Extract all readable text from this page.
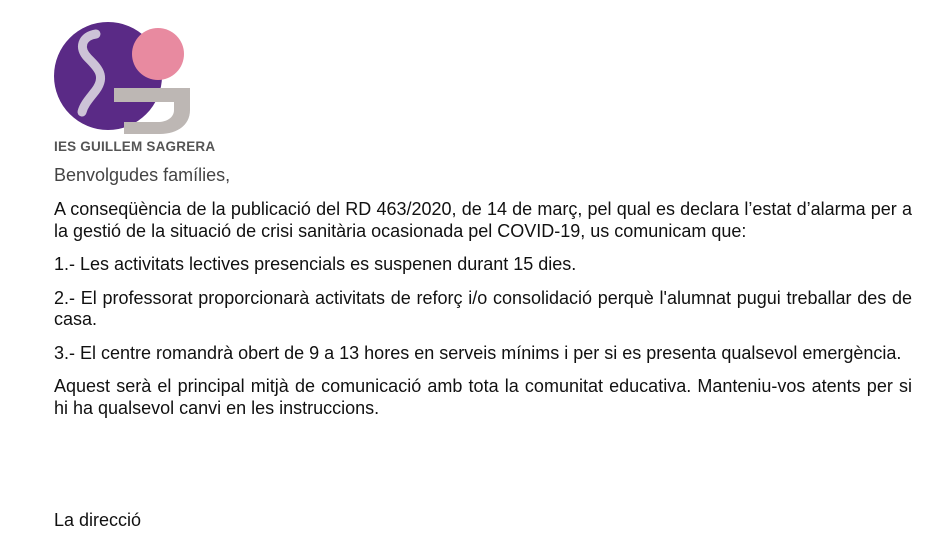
IES GUILLEM SAGRERA
Benvolgudes famílies,

A conseqüència de la publicació del RD 463/2020, de 14 de març, pel qual es declara l’estat d’alarma per a la gestió de la situació de crisi sanitària ocasionada pel COVID-19, us comunicam que:

1.- Les activitats lectives presencials es suspenen durant 15 dies.

2.- El professorat proporcionarà activitats de reforç i/o consolidació perquè l'alumnat pugui treballar des de casa.

3.- El centre romandrà obert de 9 a 13 hores en serveis mínims i per si es presenta qualsevol emergència.

Aquest serà el principal mitjà de comunicació amb tota la comunitat educativa. Manteniu-vos atents per si hi ha qualsevol canvi en les instruccions.

La direcció
